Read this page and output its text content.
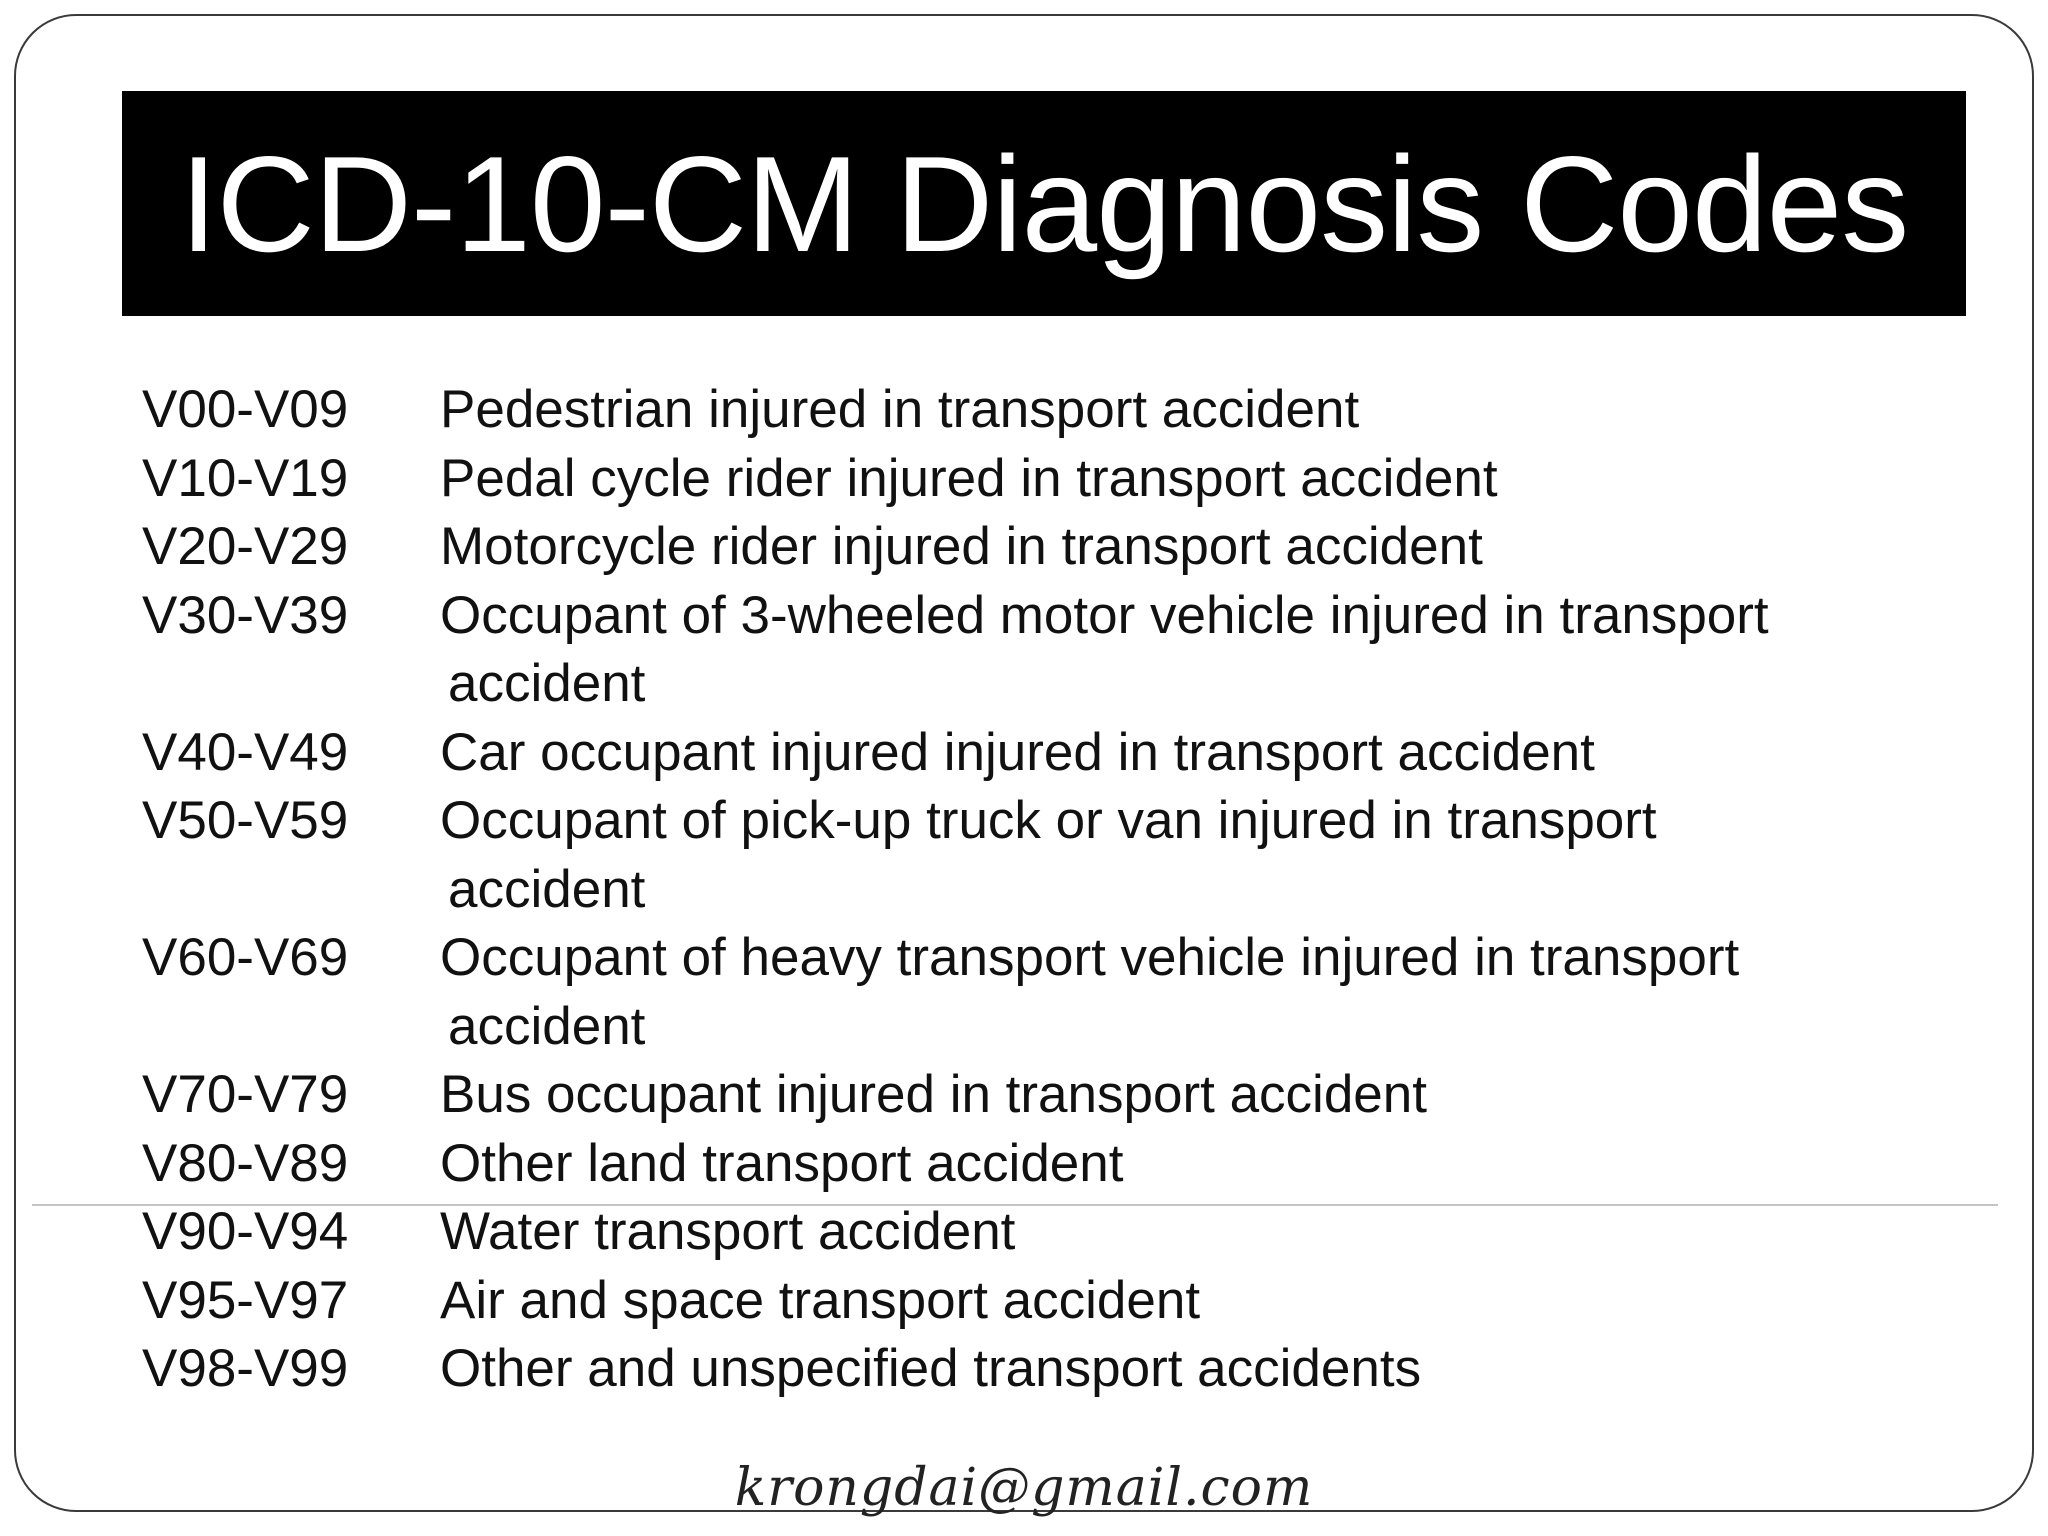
ICD-10-CM Diagnosis Codes
V00-V09	Pedestrian injured in transport accident
V10-V19	Pedal cycle rider injured in transport accident
V20-V29	Motorcycle rider injured in transport accident
V30-V39	Occupant of 3-wheeled motor vehicle injured in transport
accident
V40-V49	Car occupant injured injured in transport accident
V50-V59	Occupant of pick-up truck or van injured in transport
accident
V60-V69	Occupant of heavy transport vehicle injured in transport
accident
V70-V79	Bus occupant injured in transport accident
V80-V89	Other land transport accident
V90-V94	Water transport accident
V95-V97	Air and space transport accident
V98-V99	Other and unspecified transport accidents
krongdai@gmail.com
